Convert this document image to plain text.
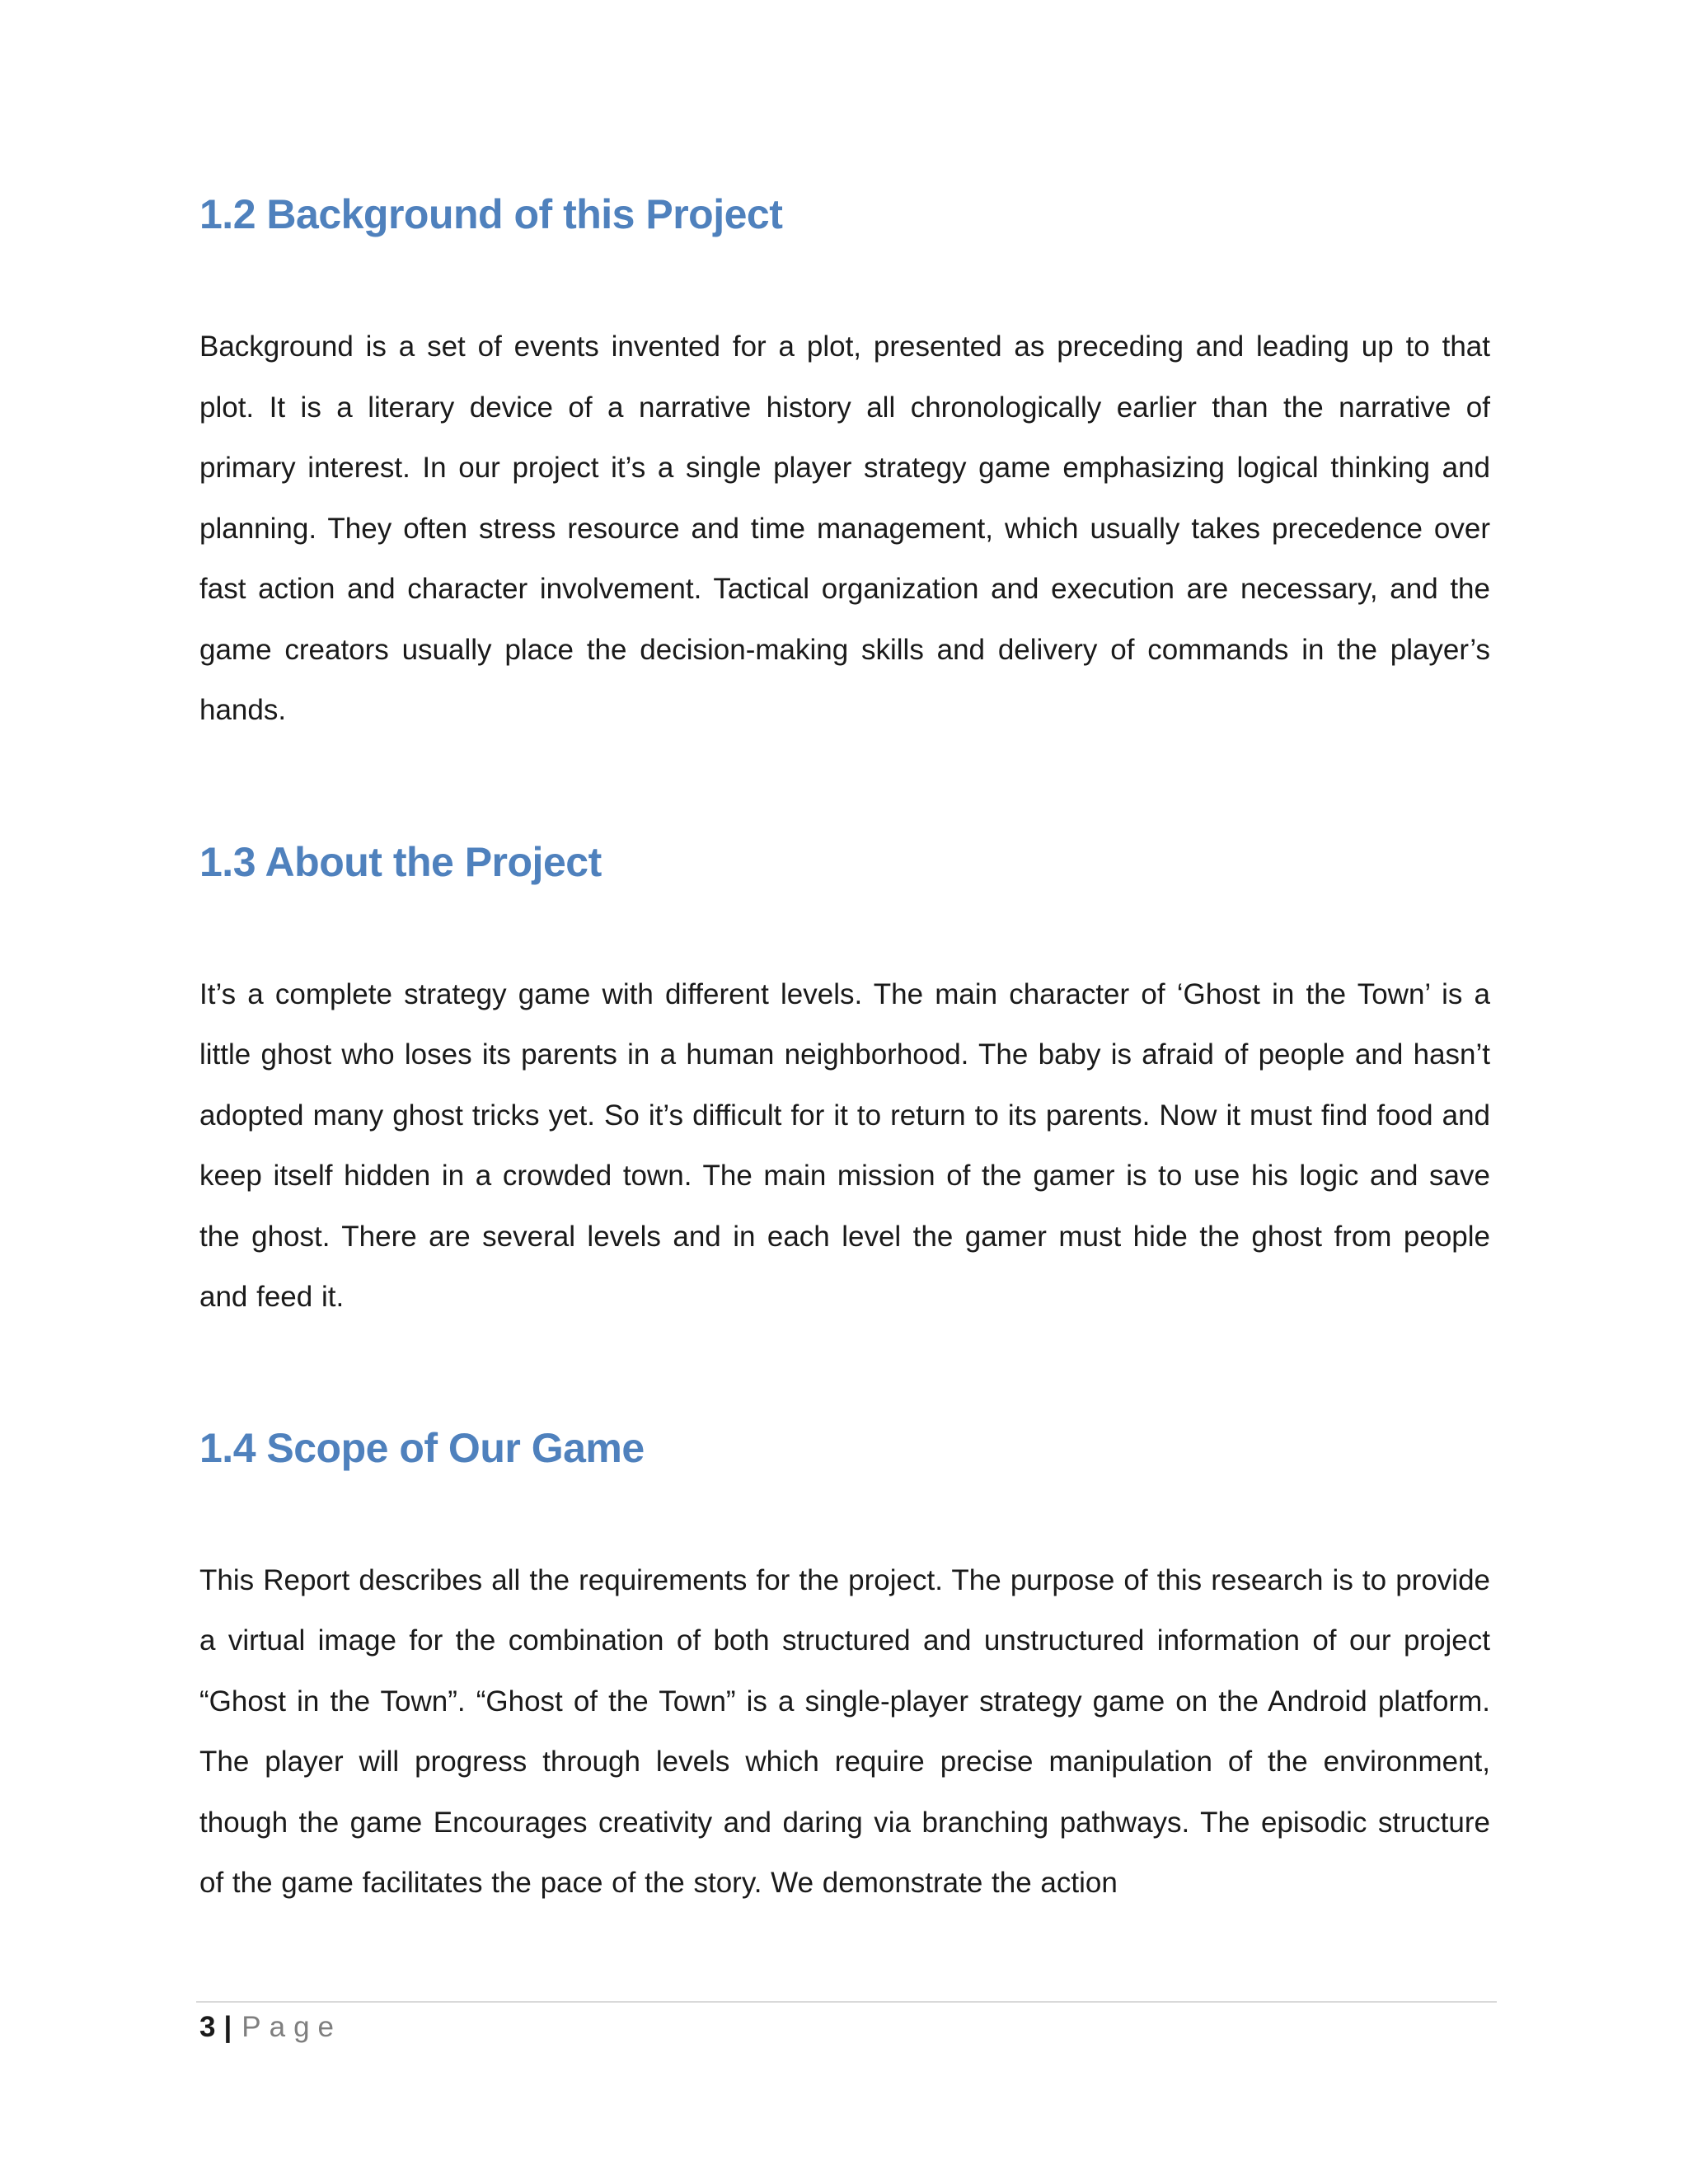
1.2 Background of this Project

Background is a set of events invented for a plot, presented as preceding and leading up to that plot. It is a literary device of a narrative history all chronologically earlier than the narrative of primary interest. In our project it’s a single player strategy game emphasizing logical thinking and planning. They often stress resource and time management, which usually takes precedence over fast action and character involvement. Tactical organization and execution are necessary, and the game creators usually place the decision-making skills and delivery of commands in the player’s hands.

1.3 About the Project

It’s a complete strategy game with different levels. The main character of ‘Ghost in the Town’ is a little ghost who loses its parents in a human neighborhood. The baby is afraid of people and hasn’t adopted many ghost tricks yet. So it’s difficult for it to return to its parents. Now it must find food and keep itself hidden in a crowded town. The main mission of the gamer is to use his logic and save the ghost. There are several levels and in each level the gamer must hide the ghost from people and feed it.

1.4 Scope of Our Game

This Report describes all the requirements for the project. The purpose of this research is to provide a virtual image for the combination of both structured and unstructured information of our project “Ghost in the Town”. “Ghost of the Town” is a single-player strategy game on the Android platform. The player will progress through levels which require precise manipulation of the environment, though the game Encourages creativity and daring via branching pathways. The episodic structure of the game facilitates the pace of the story. We demonstrate the action

3 | Page
